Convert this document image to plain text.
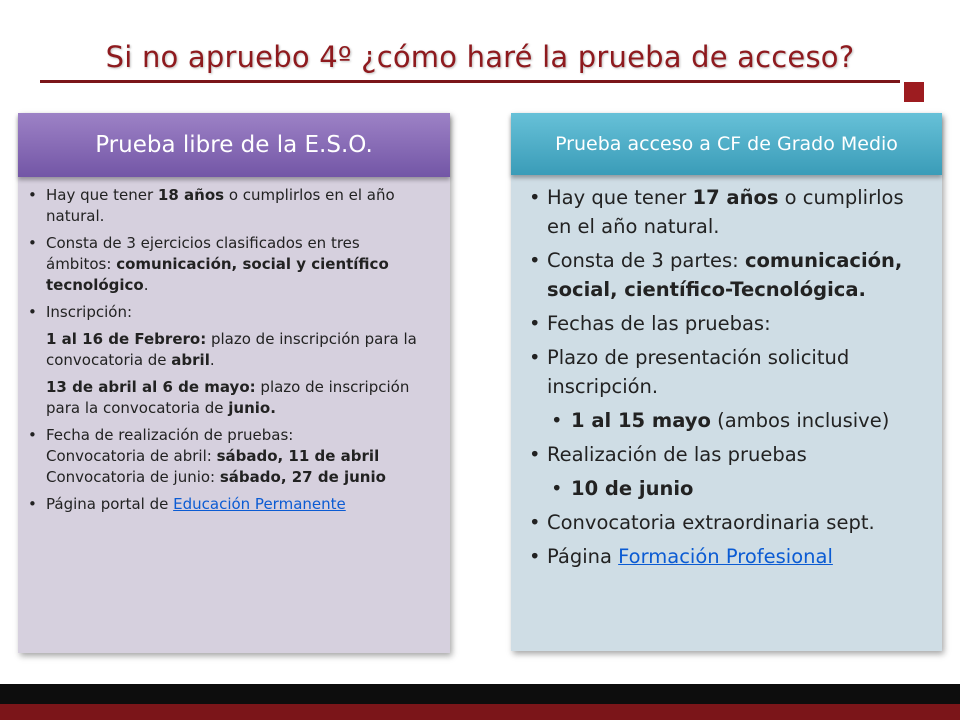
Si no apruebo 4º ¿cómo haré la prueba de acceso?
Prueba libre de la E.S.O.
• Hay que tener 18 años o cumplirlos en el año natural.
• Consta de 3 ejercicios clasificados en tres ámbitos: comunicación, social y científico tecnológico.
• Inscripción:
1 al 16 de Febrero: plazo de inscripción para la convocatoria de abril.
13 de abril al 6 de mayo: plazo de inscripción para la convocatoria de junio.
• Fecha de realización de pruebas:
Convocatoria de abril: sábado, 11 de abril
Convocatoria de junio: sábado, 27 de junio
• Página portal de Educación Permanente
Prueba acceso a CF de Grado Medio
• Hay que tener 17 años o cumplirlos en el año natural.
• Consta de 3 partes: comunicación, social, científico-Tecnológica.
• Fechas de las pruebas:
• Plazo de presentación solicitud inscripción.
• 1 al 15 mayo (ambos inclusive)
• Realización de las pruebas
• 10 de junio
• Convocatoria extraordinaria sept.
• Página Formación Profesional
